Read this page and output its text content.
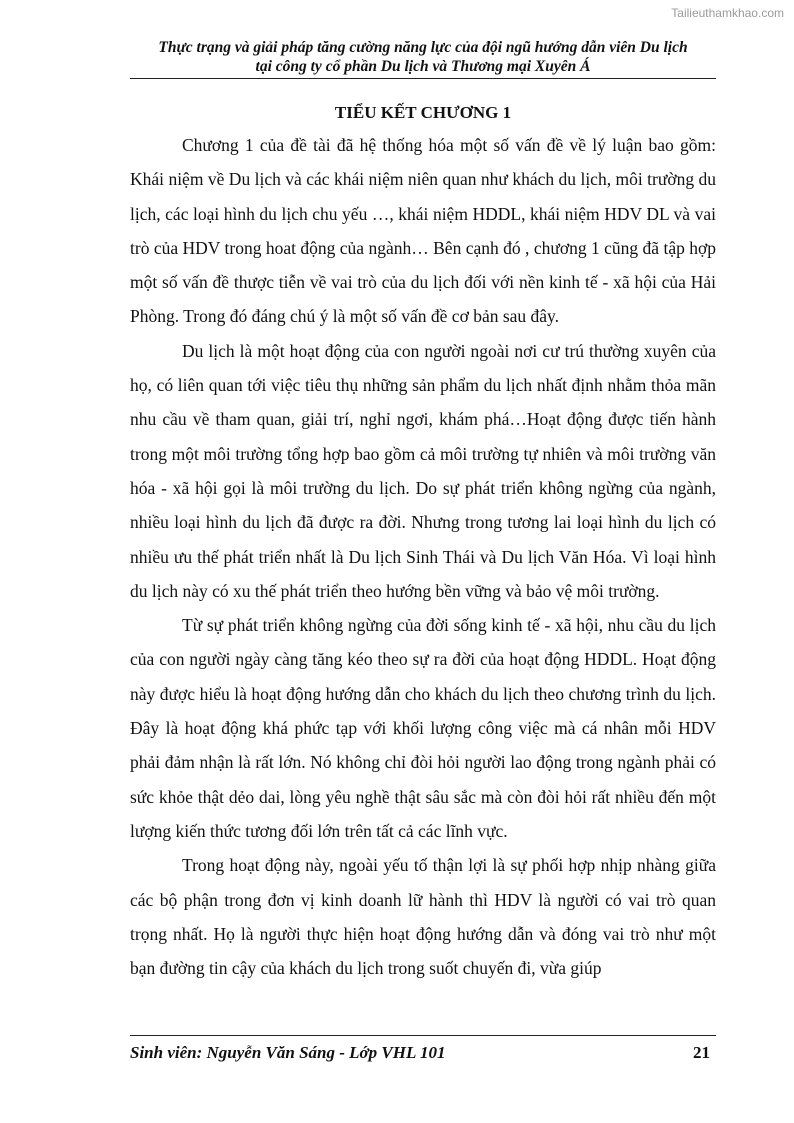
Tailieuthamkhao.com
Thực trạng và giải pháp tăng cường năng lực của đội ngũ hướng dẫn viên Du lịch
tại công ty cổ phần Du lịch và Thương mại Xuyên Á
TIỂU KẾT CHƯƠNG 1

Chương 1 của đề tài đã hệ thống hóa một số vấn đề về lý luận bao gồm: Khái niệm về Du lịch và các khái niệm niên quan như khách du lịch, môi trường du lịch, các loại hình du lịch chu yếu …, khái niệm HDDL, khái niệm HDV DL và vai trò của HDV trong hoat động của ngành… Bên cạnh đó , chương 1 cũng đã tập hợp một số vấn đề thược tiễn về vai trò của du lịch đối với nền kinh tế - xã hội của Hải Phòng. Trong đó đáng chú ý là một số vấn đề cơ bản sau đây.

Du lịch là một hoạt động của con người ngoài nơi cư trú thường xuyên của họ, có liên quan tới việc tiêu thụ những sản phẩm du lịch nhất định nhằm thỏa mãn nhu cầu về tham quan, giải trí, nghỉ ngơi, khám phá…Hoạt động được tiến hành trong một môi trường tổng hợp bao gồm cả môi trường tự nhiên và môi trường văn hóa - xã hội gọi là môi trường du lịch. Do sự phát triển không ngừng của ngành, nhiều loại hình du lịch đã được ra đời. Nhưng trong tương lai loại hình du lịch có nhiều ưu thế phát triển nhất là Du lịch Sinh Thái và Du lịch Văn Hóa. Vì loại hình du lịch này có xu thế phát triển theo hướng bền vững và bảo vệ môi trường.

Từ sự phát triển không ngừng của đời sống kinh tế - xã hội, nhu cầu du lịch của con người ngày càng tăng kéo theo sự ra đời của hoạt động HDDL. Hoạt động này được hiểu là hoạt động hướng dẫn cho khách du lịch theo chương trình du lịch. Đây là hoạt động khá phức tạp với khối lượng công việc mà cá nhân mỗi HDV phải đảm nhận là rất lớn. Nó không chỉ đòi hỏi người lao động trong ngành phải có sức khỏe thật dẻo dai, lòng yêu nghề thật sâu sắc mà còn đòi hỏi rất nhiều đến một lượng kiến thức tương đối lớn trên tất cả các lĩnh vực.

Trong hoạt động này, ngoài yếu tố thận lợi là sự phối hợp nhịp nhàng giữa các bộ phận trong đơn vị kinh doanh lữ hành thì HDV là người có vai trò quan trọng nhất. Họ là người thực hiện hoạt động hướng dẫn và đóng vai trò như một bạn đường tin cậy của khách du lịch trong suốt chuyến đi, vừa giúp

Sinh viên: Nguyễn Văn Sáng - Lớp VHL 101	21
